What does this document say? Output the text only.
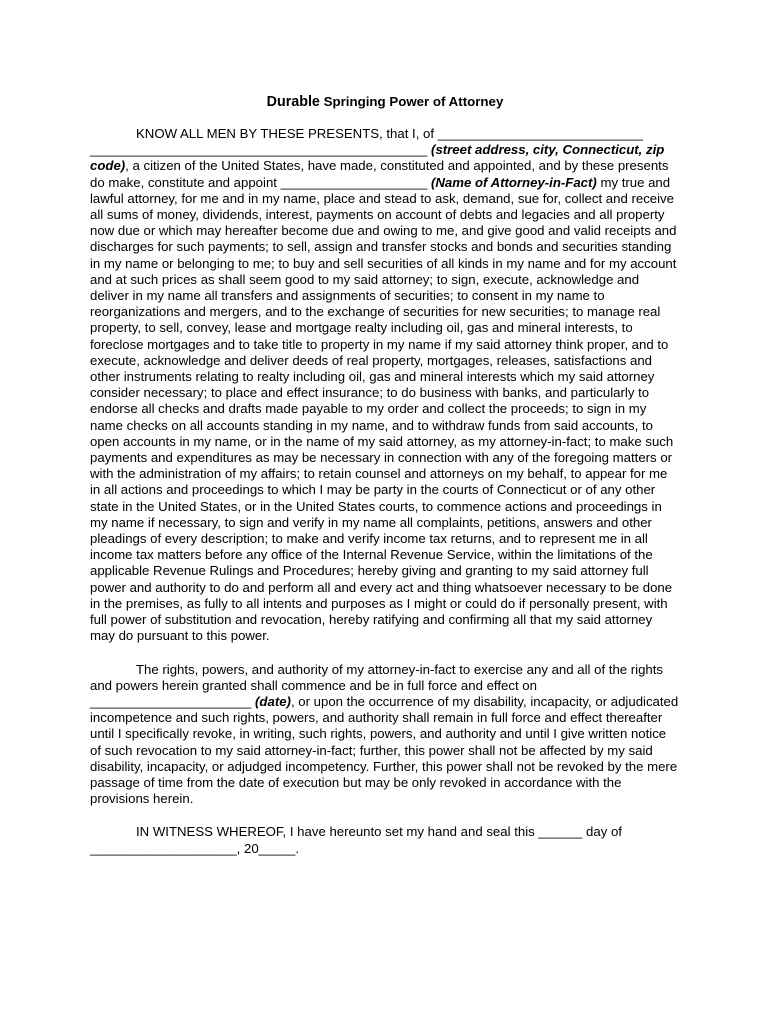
Durable Springing Power of Attorney

KNOW ALL MEN BY THESE PRESENTS, that I, of ____________________________ ______________________________________________ (street address, city, Connecticut, zip code), a citizen of the United States, have made, constituted and appointed, and by these presents do make, constitute and appoint ____________________ (Name of Attorney-in-Fact) my true and lawful attorney, for me and in my name, place and stead to ask, demand, sue for, collect and receive all sums of money, dividends, interest, payments on account of debts and legacies and all property now due or which may hereafter become due and owing to me, and give good and valid receipts and discharges for such payments; to sell, assign and transfer stocks and bonds and securities standing in my name or belonging to me; to buy and sell securities of all kinds in my name and for my account and at such prices as shall seem good to my said attorney; to sign, execute, acknowledge and deliver in my name all transfers and assignments of securities; to consent in my name to reorganizations and mergers, and to the exchange of securities for new securities; to manage real property, to sell, convey, lease and mortgage realty including oil, gas and mineral interests, to foreclose mortgages and to take title to property in my name if my said attorney think proper, and to execute, acknowledge and deliver deeds of real property, mortgages, releases, satisfactions and other instruments relating to realty including oil, gas and mineral interests which my said attorney consider necessary; to place and effect insurance; to do business with banks, and particularly to endorse all checks and drafts made payable to my order and collect the proceeds; to sign in my name checks on all accounts standing in my name, and to withdraw funds from said accounts, to open accounts in my name, or in the name of my said attorney, as my attorney-in-fact; to make such payments and expenditures as may be necessary in connection with any of the foregoing matters or with the administration of my affairs; to retain counsel and attorneys on my behalf, to appear for me in all actions and proceedings to which I may be party in the courts of Connecticut or of any other state in the United States, or in the United States courts, to commence actions and proceedings in my name if necessary, to sign and verify in my name all complaints, petitions, answers and other pleadings of every description; to make and verify income tax returns, and to represent me in all income tax matters before any office of the Internal Revenue Service, within the limitations of the applicable Revenue Rulings and Procedures; hereby giving and granting to my said attorney full power and authority to do and perform all and every act and thing whatsoever necessary to be done in the premises, as fully to all intents and purposes as I might or could do if personally present, with full power of substitution and revocation, hereby ratifying and confirming all that my said attorney may do pursuant to this power.

The rights, powers, and authority of my attorney-in-fact to exercise any and all of the rights and powers herein granted shall commence and be in full force and effect on ______________________ (date), or upon the occurrence of my disability, incapacity, or adjudicated incompetence and such rights, powers, and authority shall remain in full force and effect thereafter until I specifically revoke, in writing, such rights, powers, and authority and until I give written notice of such revocation to my said attorney-in-fact; further, this power shall not be affected by my said disability, incapacity, or adjudged incompetency. Further, this power shall not be revoked by the mere passage of time from the date of execution but may be only revoked in accordance with the provisions herein.

IN WITNESS WHEREOF, I have hereunto set my hand and seal this ______ day of ____________________, 20_____.
